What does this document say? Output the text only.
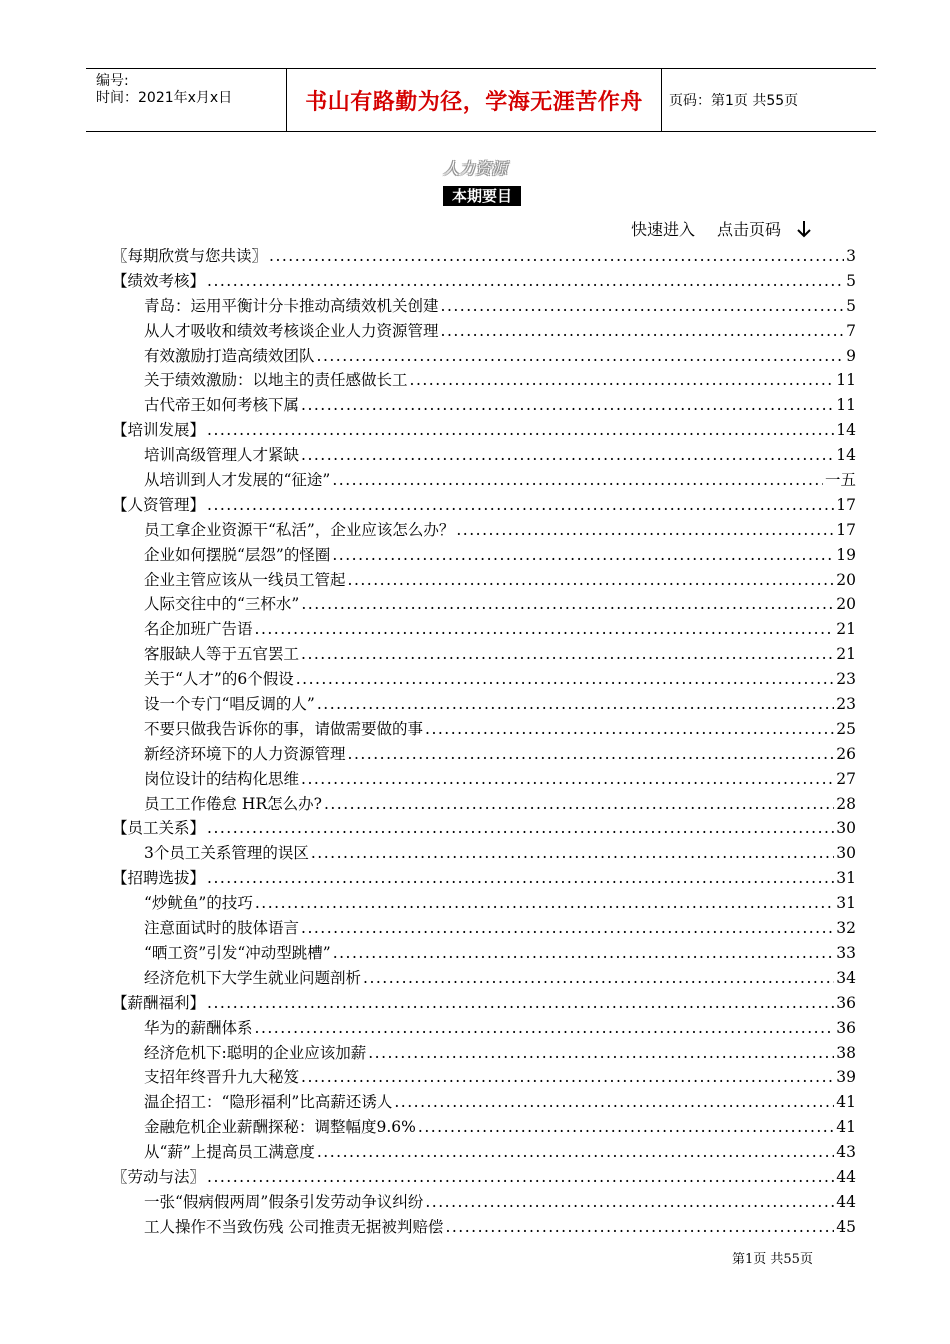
编号:
时间：2021年x月x日	书山有路勤为径，学海无涯苦作舟 页码：第1页 共55页
人力资源
本期要目
快速进入 点击页码
〖每期欣赏与您共读〗 .....	3
【绩效考核】 .....	5
青岛：运用平衡计分卡推动高绩效机关创建 .....	5
从人才吸收和绩效考核谈企业人力资源管理 .....	7
有效激励打造高绩效团队 .....	9
关于绩效激励：以地主的责任感做长工 .....	11
古代帝王如何考核下属 .....	11
【培训发展】 .....	14
培训高级管理人才紧缺 .....	14
从培训到人才发展的“征途” .....	一五
【人资管理】 .....	17
员工拿企业资源干“私活”，企业应该怎么办？ .....	17
企业如何摆脱“层怨”的怪圈 .....	19
企业主管应该从一线员工管起 .....	20
人际交往中的“三杯水” .....	20
名企加班广告语 .....	21
客服缺人等于五官罢工 .....	21
关于“人才”的6个假设 .....	23
设一个专门“唱反调的人” .....	23
不要只做我告诉你的事，请做需要做的事 .....	25
新经济环境下的人力资源管理 .....	26
岗位设计的结构化思维 .....	27
员工工作倦怠 HR怎么办? .....	28
【员工关系】 .....	30
3个员工关系管理的误区 .....	30
【招聘选拔】 .....	31
“炒鱿鱼”的技巧 .....	31
注意面试时的肢体语言 .....	32
“晒工资”引发“冲动型跳槽” .....	33
经济危机下大学生就业问题剖析 .....	34
【薪酬福利】 .....	36
华为的薪酬体系 .....	36
经济危机下:聪明的企业应该加薪 .....	38
支招年终晋升九大秘笈 .....	39
温企招工：“隐形福利”比高薪还诱人 .....	41
金融危机企业薪酬探秘：调整幅度9.6% .....	41
从“薪”上提高员工满意度 .....	43
〖劳动与法〗 .....	44
一张“假病假两周”假条引发劳动争议纠纷 .....	44
工人操作不当致伤残 公司推责无据被判赔偿 .....	45
第1页 共55页
